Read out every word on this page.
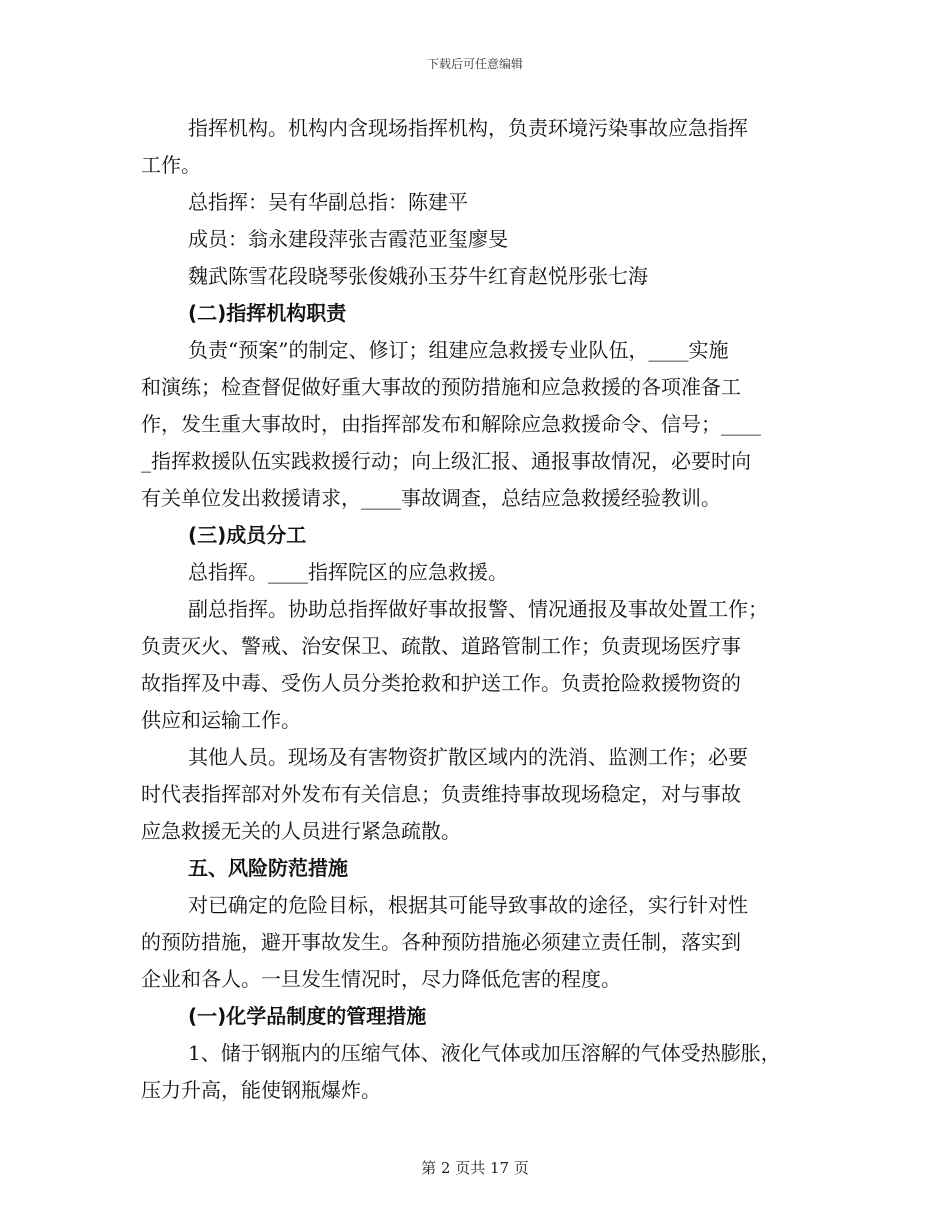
下载后可任意编辑
指挥机构。机构内含现场指挥机构，负责环境污染事故应急指挥
工作。
总指挥：吴有华副总指：陈建平
成员：翁永建段萍张吉霞范亚玺廖旻
魏武陈雪花段晓琴张俊娥孙玉芬牛红育赵悦彤张七海
(二)指挥机构职责
负责“预案”的制定、修订；组建应急救援专业队伍，____实施
和演练；检查督促做好重大事故的预防措施和应急救援的各项准备工
作，发生重大事故时，由指挥部发布和解除应急救援命令、信号；____
_指挥救援队伍实践救援行动；向上级汇报、通报事故情况，必要时向
有关单位发出救援请求，____事故调查，总结应急救援经验教训。
(三)成员分工
总指挥。____指挥院区的应急救援。
副总指挥。协助总指挥做好事故报警、情况通报及事故处置工作；
负责灭火、警戒、治安保卫、疏散、道路管制工作；负责现场医疗事
故指挥及中毒、受伤人员分类抢救和护送工作。负责抢险救援物资的
供应和运输工作。
其他人员。现场及有害物资扩散区域内的洗消、监测工作；必要
时代表指挥部对外发布有关信息；负责维持事故现场稳定，对与事故
应急救援无关的人员进行紧急疏散。
五、风险防范措施
对已确定的危险目标，根据其可能导致事故的途径，实行针对性
的预防措施，避开事故发生。各种预防措施必须建立责任制，落实到
企业和各人。一旦发生情况时，尽力降低危害的程度。
(一)化学品制度的管理措施
1、储于钢瓶内的压缩气体、液化气体或加压溶解的气体受热膨胀，
压力升高，能使钢瓶爆炸。
第 2 页共 17 页
